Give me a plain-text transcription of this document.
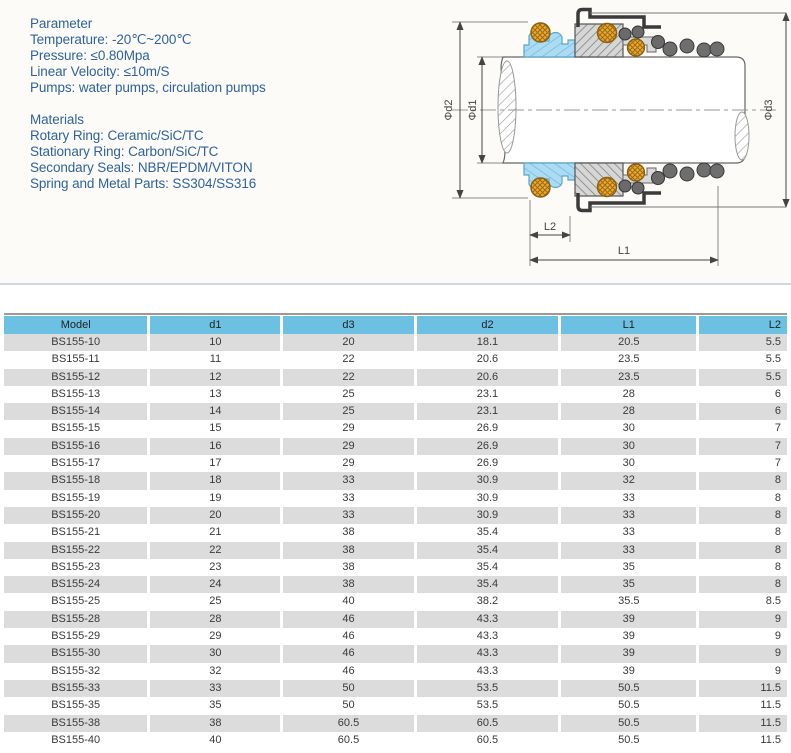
Parameter

Temperature: -20℃~200℃

Pressure: ≤0.80Mpa

Linear Velocity: ≤10m/S

Pumps: water pumps, circulation pumps

Materials

Rotary Ring: Ceramic/SiC/TC

Stationary Ring: Carbon/SiC/TC

Secondary Seals: NBR/EPDM/VITON

Spring and Metal Parts: SS304/SS316

Φd2 Φd1	Φd3
L2
L1
Model	d1	d3	d2	L1	L2
BS155-10	10	20	18.1	20.5	5.5
BS155-11	11	22	20.6	23.5	5.5
BS155-12	12	22	20.6	23.5	5.5
BS155-13	13	25	23.1	28	6
BS155-14	14	25	23.1	28	6
BS155-15	15	29	26.9	30	7
BS155-16	16	29	26.9	30	7
BS155-17	17	29	26.9	30	7
BS155-18	18	33	30.9	32	8
BS155-19	19	33	30.9	33	8
BS155-20	20	33	30.9	33	8
BS155-21	21	38	35.4	33	8
BS155-22	22	38	35.4	33	8
BS155-23	23	38	35.4	35	8
BS155-24	24	38	35.4	35	8
BS155-25	25	40	38.2	35.5	8.5
BS155-28	28	46	43.3	39	9
BS155-29	29	46	43.3	39	9
BS155-30	30	46	43.3	39	9
BS155-32	32	46	43.3	39	9
BS155-33	33	50	53.5	50.5	11.5
BS155-35	35	50	53.5	50.5	11.5
BS155-38	38	60.5	60.5	50.5	11.5
BS155-40	40	60.5	60.5	50.5	11.5
